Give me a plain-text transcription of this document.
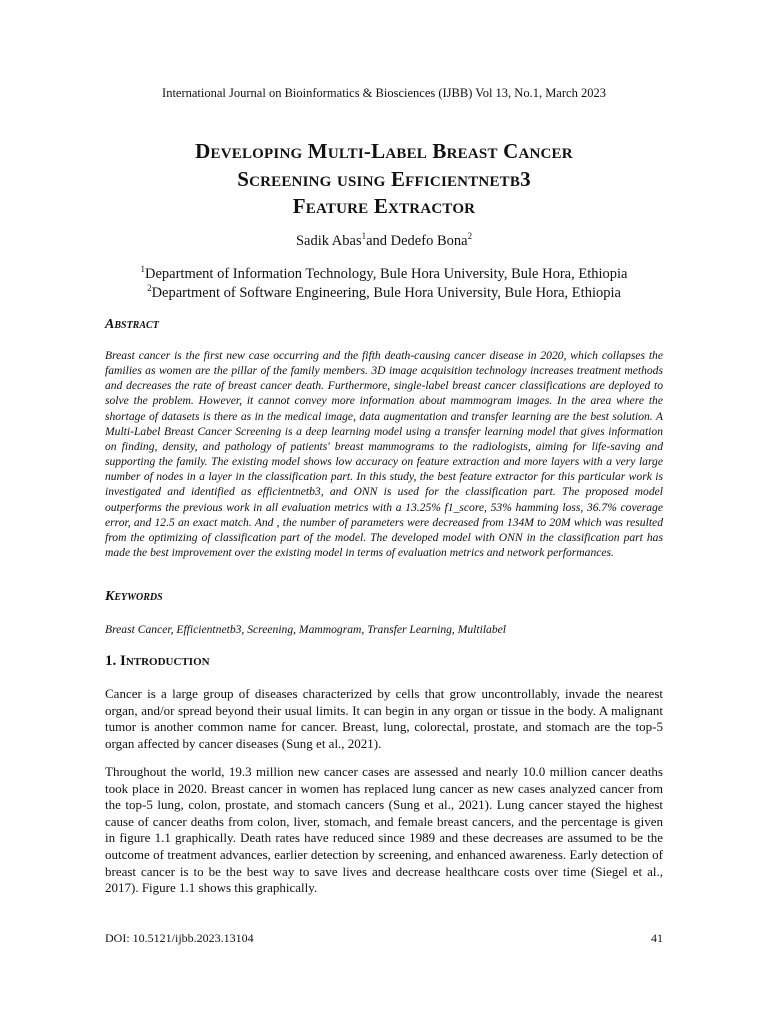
International Journal on Bioinformatics & Biosciences (IJBB) Vol 13, No.1, March 2023
Developing Multi-Label Breast Cancer
Screening using Efficientnetb3
Feature Extractor
Sadik Abas$^1$and Dedefo Bona$^2$
$^1$Department of Information Technology, Bule Hora University, Bule Hora, Ethiopia
$^2$Department of Software Engineering, Bule Hora University, Bule Hora, Ethiopia
Abstract
Breast cancer is the first new case occurring and the fifth death-causing cancer disease in 2020, which collapses the families as women are the pillar of the family members. 3D image acquisition technology increases treatment methods and decreases the rate of breast cancer death. Furthermore, single-label breast cancer classifications are deployed to solve the problem. However, it cannot convey more information about mammogram images. In the area where the shortage of datasets is there as in the medical image, data augmentation and transfer learning are the best solution. A Multi-Label Breast Cancer Screening is a deep learning model using a transfer learning model that gives information on finding, density, and pathology of patients' breast mammograms to the radiologists, aiming for life-saving and supporting the family. The existing model shows low accuracy on feature extraction and more layers with a very large number of nodes in a layer in the classification part. In this study, the best feature extractor for this particular work is investigated and identified as efficientnetb3, and ONN is used for the classification part. The proposed model outperforms the previous work in all evaluation metrics with a 13.25% f1_score, 53% hamming loss, 36.7% coverage error, and 12.5 an exact match. And , the number of parameters were decreased from 134M to 20M which was resulted from the optimizing of classification part of the model. The developed model with ONN in the classification part has made the best improvement over the existing model in terms of evaluation metrics and network performances.
Keywords
Breast Cancer, Efficientnetb3, Screening, Mammogram, Transfer Learning, Multilabel
1. Introduction
Cancer is a large group of diseases characterized by cells that grow uncontrollably, invade the nearest organ, and/or spread beyond their usual limits. It can begin in any organ or tissue in the body. A malignant tumor is another common name for cancer. Breast, lung, colorectal, prostate, and stomach are the top-5 organ affected by cancer diseases (Sung et al., 2021).
Throughout the world, 19.3 million new cancer cases are assessed and nearly 10.0 million cancer deaths took place in 2020. Breast cancer in women has replaced lung cancer as new cases analyzed cancer from the top-5 lung, colon, prostate, and stomach cancers (Sung et al., 2021). Lung cancer stayed the highest cause of cancer deaths from colon, liver, stomach, and female breast cancers, and the percentage is given in figure 1.1 graphically. Death rates have reduced since 1989 and these decreases are assumed to be the outcome of treatment advances, earlier detection by screening, and enhanced awareness. Early detection of breast cancer is to be the best way to save lives and decrease healthcare costs over time (Siegel et al., 2017). Figure 1.1 shows this graphically.
DOI: 10.5121/ijbb.2023.13104	41
